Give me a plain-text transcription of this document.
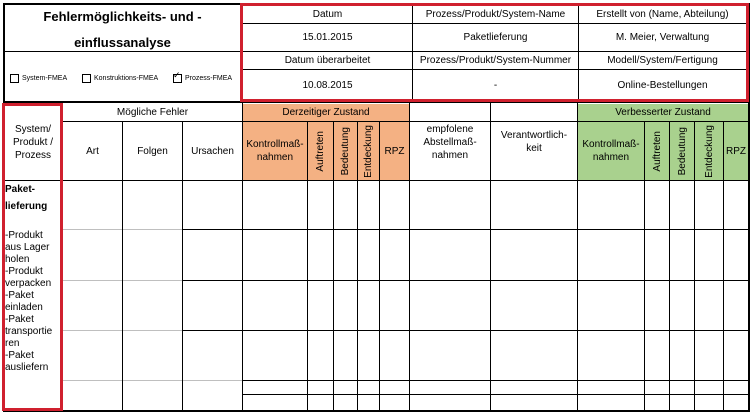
Fehlermöglichkeits- und -
einflussanalyse
System-FMEA	Konstruktions-FMEA
✓	Prozess-FMEA
Datum
15.01.2015
Datum überarbeitet
10.08.2015
Prozess/Produkt/System-Name
Paketlieferung
Prozess/Produkt/System-Nummer
-
Erstellt von (Name, Abteilung)
M. Meier, Verwaltung
Modell/System/Fertigung
Online-Bestellungen
System/ Produkt / Prozess
Mögliche Fehler
Art	Folgen	Ursachen
Derzeitiger Zustand
Kontrollmaß-nahmen	Auftreten Bedeutung Entdeckung	RPZ
empfolene Abstellmaß-nahmen
Verantwortlich-keit
Verbesserter Zustand
Kontrollmaß-nahmen	Auftreten Bedeutung Entdeckung RPZ
Paket-lieferung
-Produkt aus Lager holen
-Produkt verpacken
-Paket einladen
-Paket transportie ren
-Paket ausliefern
